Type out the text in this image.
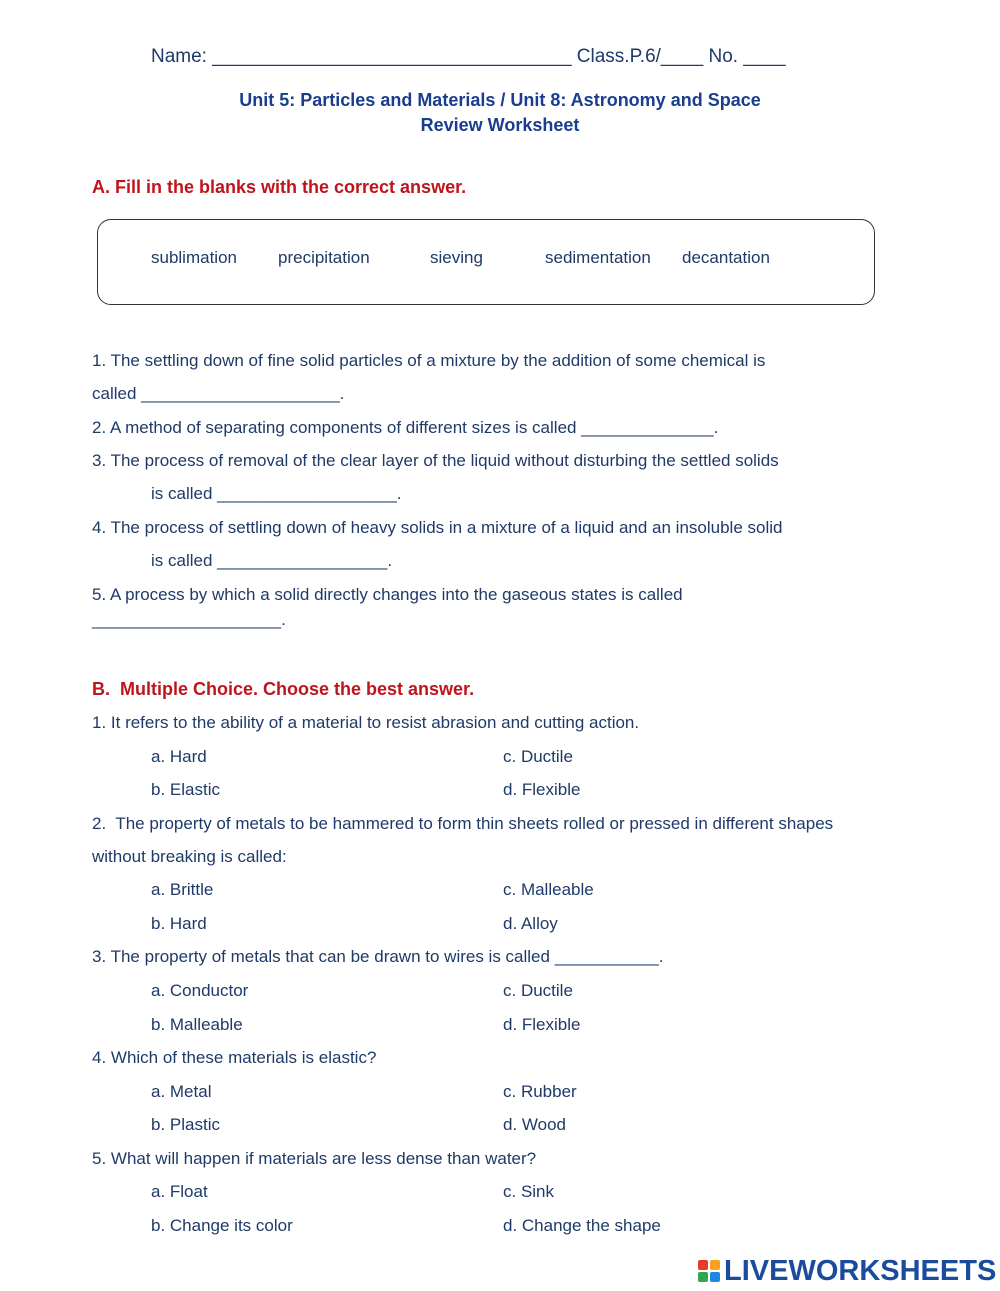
Name: __________________________________ Class.P.6/____ No. ____
Unit 5: Particles and Materials / Unit 8: Astronomy and Space
Review Worksheet
A. Fill in the blanks with the correct answer.
sublimation precipitation	sieving	sedimentation decantation
1. The settling down of fine solid particles of a mixture by the addition of some chemical is
called _____________________.
2. A method of separating components of different sizes is called ______________.
3. The process of removal of the clear layer of the liquid without disturbing the settled solids
is called ___________________.
4. The process of settling down of heavy solids in a mixture of a liquid and an insoluble solid
is called __________________.
5. A process by which a solid directly changes into the gaseous states is called
____________________.
B.  Multiple Choice. Choose the best answer.
1. It refers to the ability of a material to resist abrasion and cutting action.
a. Hard	c. Ductile
b. Elastic	d. Flexible
2.  The property of metals to be hammered to form thin sheets rolled or pressed in different shapes
without breaking is called:
a. Brittle	c. Malleable
b. Hard	d. Alloy
3. The property of metals that can be drawn to wires is called ___________.
a. Conductor	c. Ductile
b. Malleable	d. Flexible
4. Which of these materials is elastic?
a. Metal	c. Rubber
b. Plastic	d. Wood
5. What will happen if materials are less dense than water?
a. Float	c. Sink
b. Change its color	d. Change the shape
LIVEWORKSHEETS
